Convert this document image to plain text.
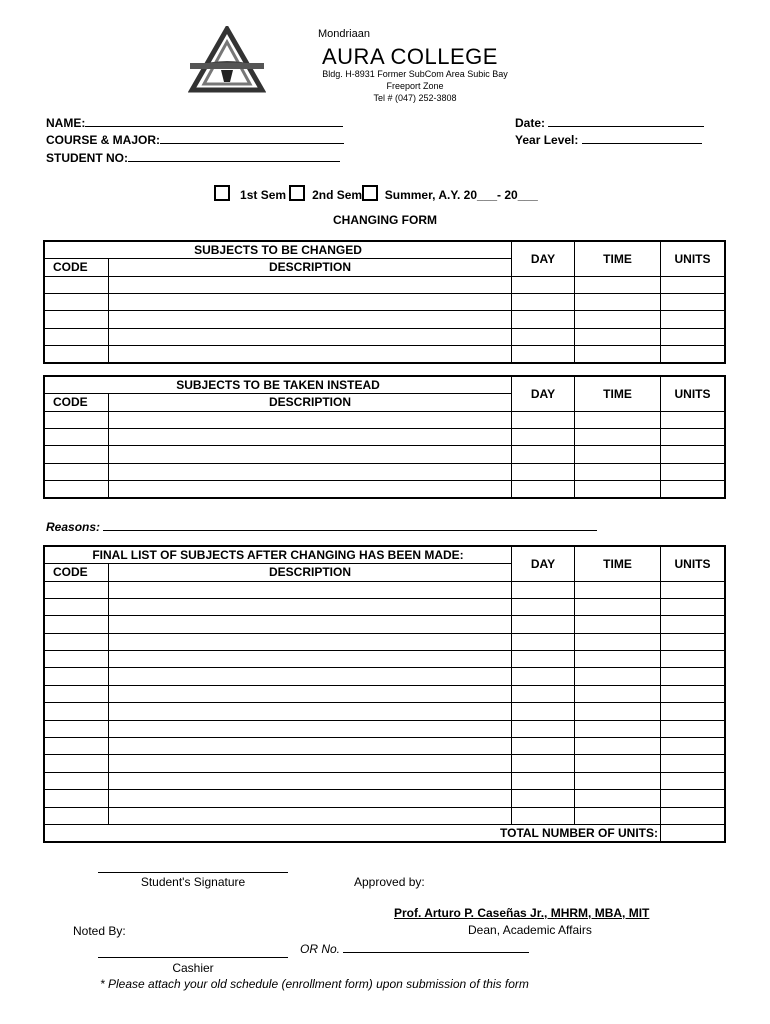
Mondriaan
AURA COLLEGE
Bldg. H-8931 Former SubCom Area Subic Bay
Freeport Zone
Tel # (047) 252-3808
NAME:
COURSE & MAJOR:
STUDENT NO:
Date:
Year Level:
1st Sem 2nd Sem Summer, A.Y. 20___- 20___
CHANGING FORM
SUBJECTS TO BE CHANGED		DAY	TIME	UNITS
CODE	DESCRIPTION			

SUBJECTS TO BE TAKEN INSTEAD		DAY	TIME	UNITS
CODE	DESCRIPTION			

Reasons:
FINAL LIST OF SUBJECTS AFTER CHANGING HAS BEEN MADE:		DAY	TIME	UNITS
CODE	DESCRIPTION			

TOTAL NUMBER OF UNITS:				
Student's Signature	Approved by:
Prof. Arturo P. Caseñas Jr., MHRM, MBA, MIT
Dean, Academic Affairs
Noted By:
Cashier
OR No.
* Please attach your old schedule (enrollment form) upon submission of this form
